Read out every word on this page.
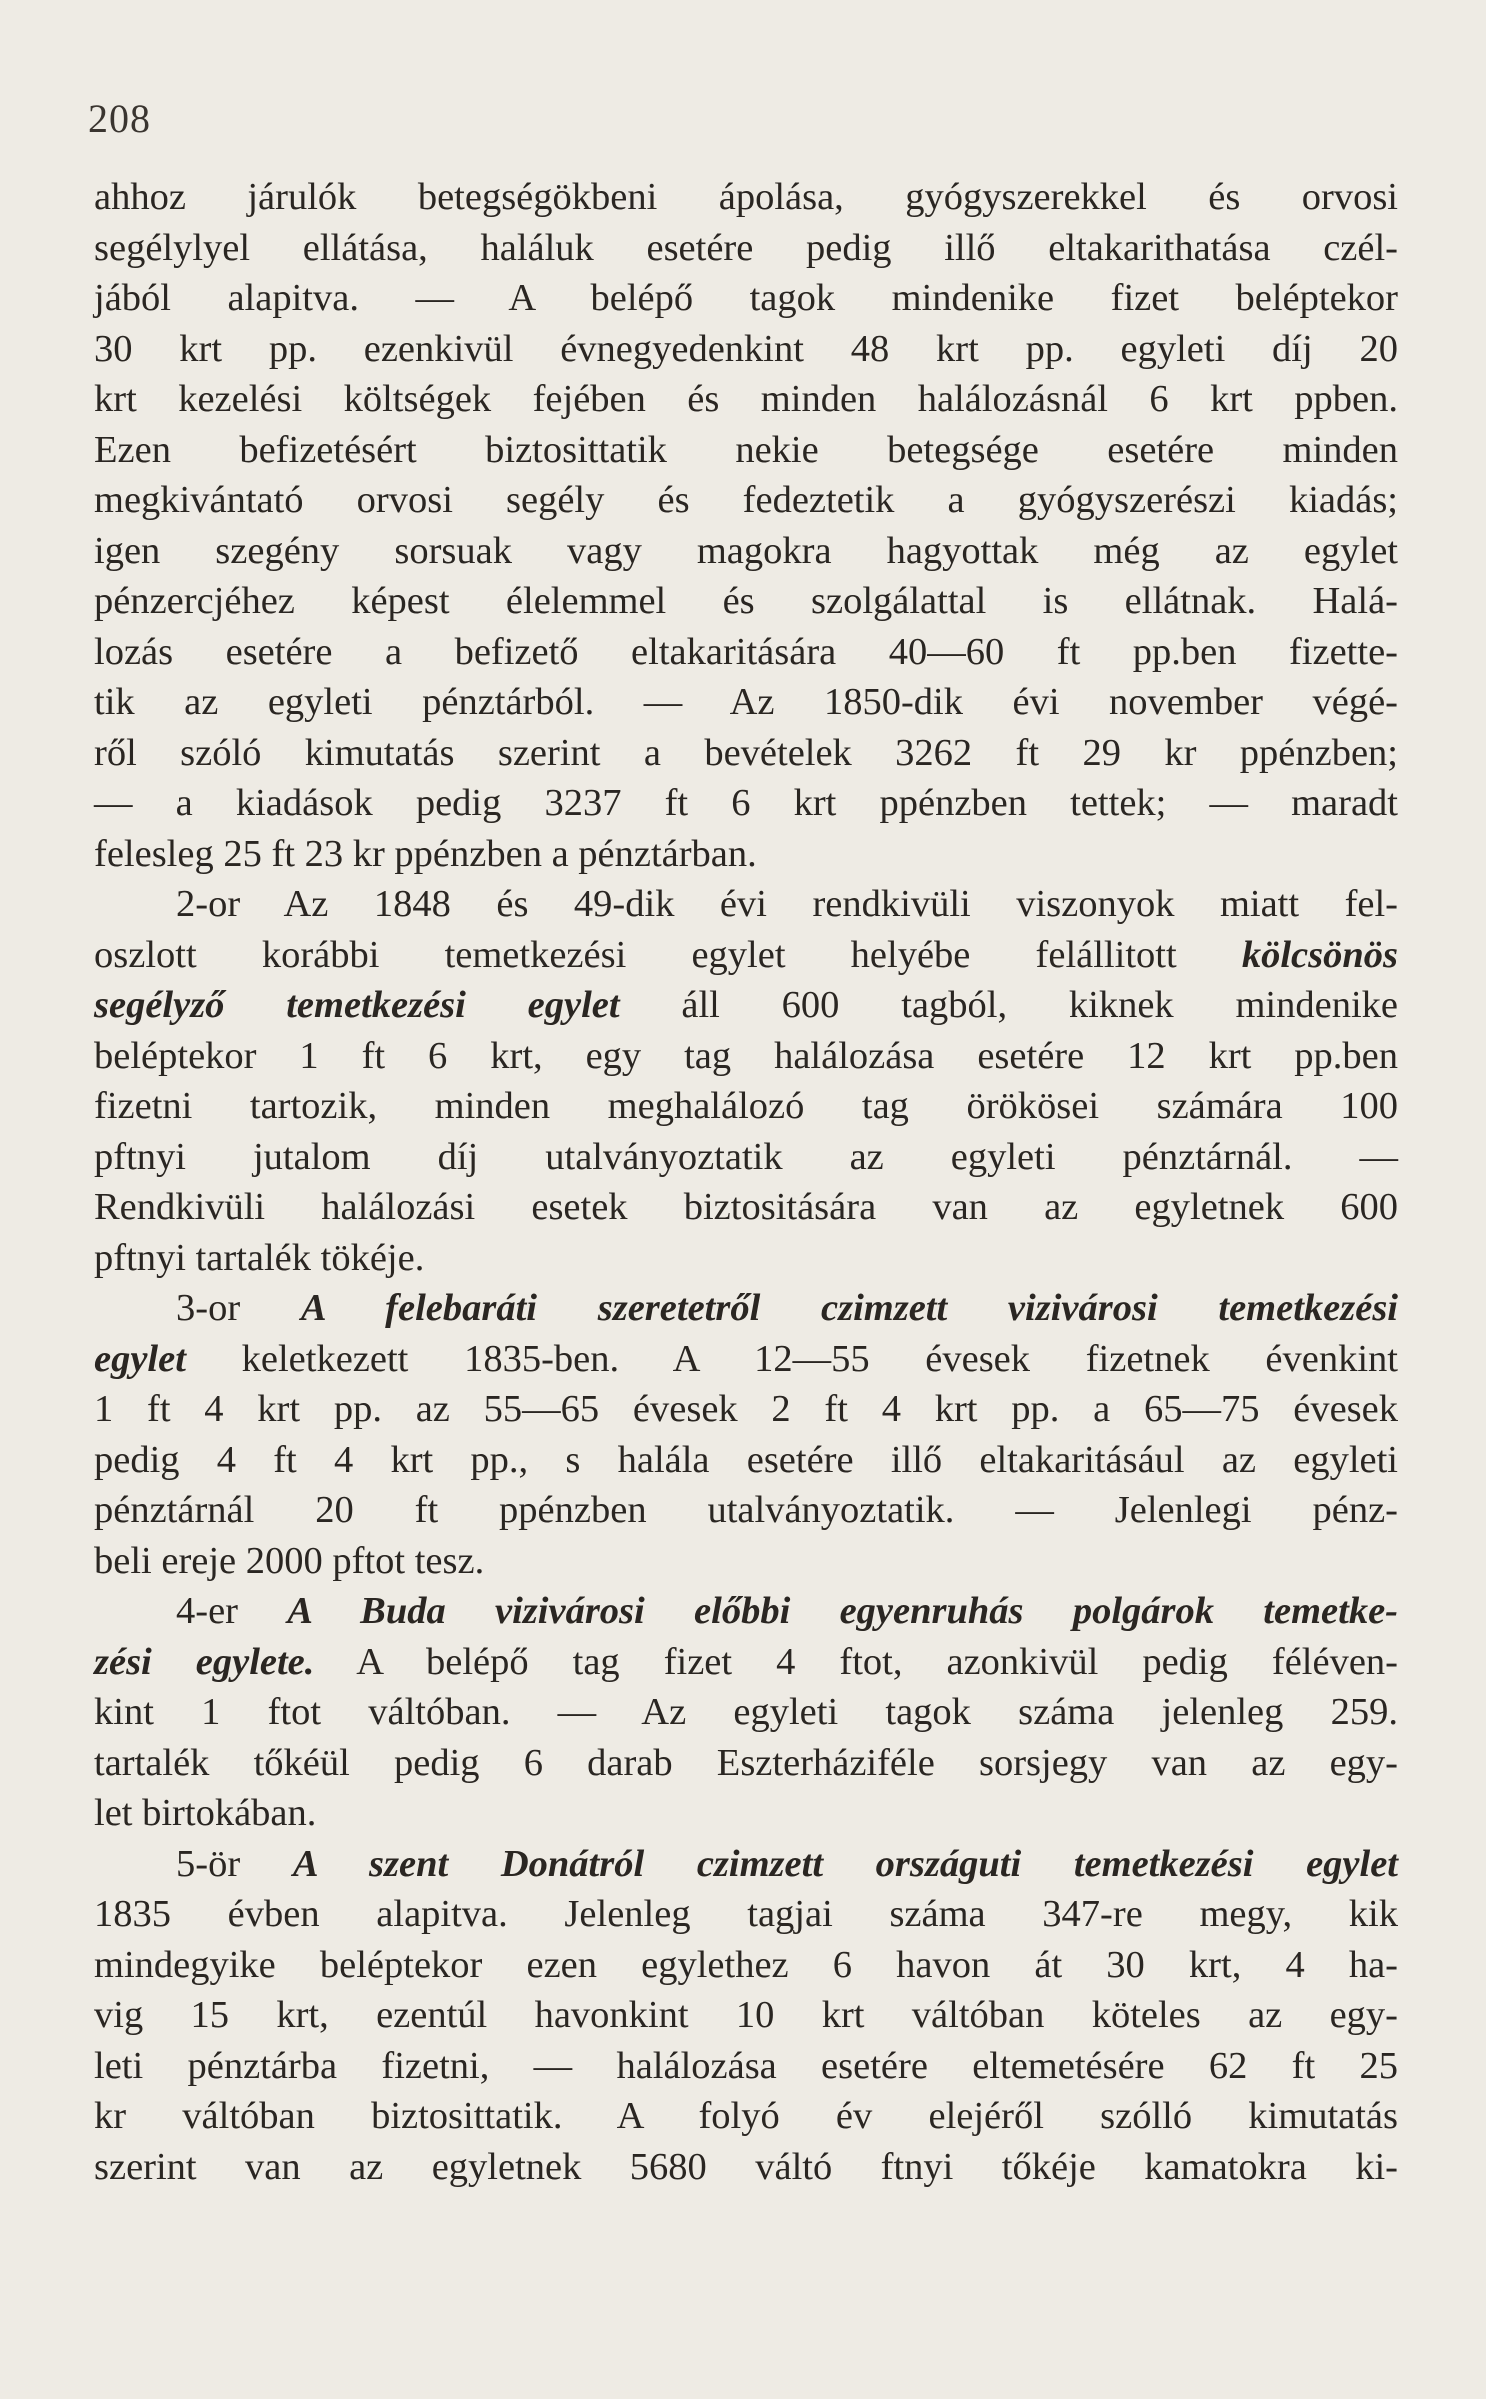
208
ahhoz járulók betegségökbeni ápolása, gyógyszerekkel és orvosi
segélylyel ellátása, haláluk esetére pedig illő eltakarithatása czél-
jából alapitva. — A belépő tagok mindenike fizet beléptekor
30 krt pp. ezenkivül évnegyedenkint 48 krt pp. egyleti díj 20
krt kezelési költségek fejében és minden halálozásnál 6 krt ppben.
Ezen befizetésért biztosittatik nekie betegsége esetére minden
megkivántató orvosi segély és fedeztetik a gyógyszerészi kiadás;
igen szegény sorsuak vagy magokra hagyottak még az egylet
pénzercjéhez képest élelemmel és szolgálattal is ellátnak. Halá-
lozás esetére a befizető eltakaritására 40—60 ft pp.ben fizette-
tik az egyleti pénztárból. — Az 1850-dik évi november végé-
ről szóló kimutatás szerint a bevételek 3262 ft 29 kr ppénzben;
— a kiadások pedig 3237 ft 6 krt ppénzben tettek; — maradt
felesleg 25 ft 23 kr ppénzben a pénztárban.
2-or Az 1848 és 49-dik évi rendkivüli viszonyok miatt fel-
oszlott korábbi temetkezési egylet helyébe felállitott kölcsönös
segélyző temetkezési egylet áll 600 tagból, kiknek mindenike
beléptekor 1 ft 6 krt, egy tag halálozása esetére 12 krt pp.ben
fizetni tartozik, minden meghalálozó tag örökösei számára 100
pftnyi jutalom díj utalványoztatik az egyleti pénztárnál. —
Rendkivüli halálozási esetek biztositására van az egyletnek 600
pftnyi tartalék tökéje.
3-or A felebaráti szeretetről czimzett vizivárosi temetkezési
egylet keletkezett 1835-ben. A 12—55 évesek fizetnek évenkint
1 ft 4 krt pp. az 55—65 évesek 2 ft 4 krt pp. a 65—75 évesek
pedig 4 ft 4 krt pp., s halála esetére illő eltakaritásául az egyleti
pénztárnál 20 ft ppénzben utalványoztatik. — Jelenlegi pénz-
beli ereje 2000 pftot tesz.
4-er A Buda vizivárosi előbbi egyenruhás polgárok temetke-
zési egylete. A belépő tag fizet 4 ftot, azonkivül pedig féléven-
kint 1 ftot váltóban. — Az egyleti tagok száma jelenleg 259.
tartalék tőkéül pedig 6 darab Eszterháziféle sorsjegy van az egy-
let birtokában.
5-ör A szent Donátról czimzett országuti temetkezési egylet
1835 évben alapitva. Jelenleg tagjai száma 347-re megy, kik
mindegyike beléptekor ezen egylethez 6 havon át 30 krt, 4 ha-
vig 15 krt, ezentúl havonkint 10 krt váltóban köteles az egy-
leti pénztárba fizetni, — halálozása esetére eltemetésére 62 ft 25
kr váltóban biztosittatik. A folyó év elejéről szólló kimutatás
szerint van az egyletnek 5680 váltó ftnyi tőkéje kamatokra ki-
